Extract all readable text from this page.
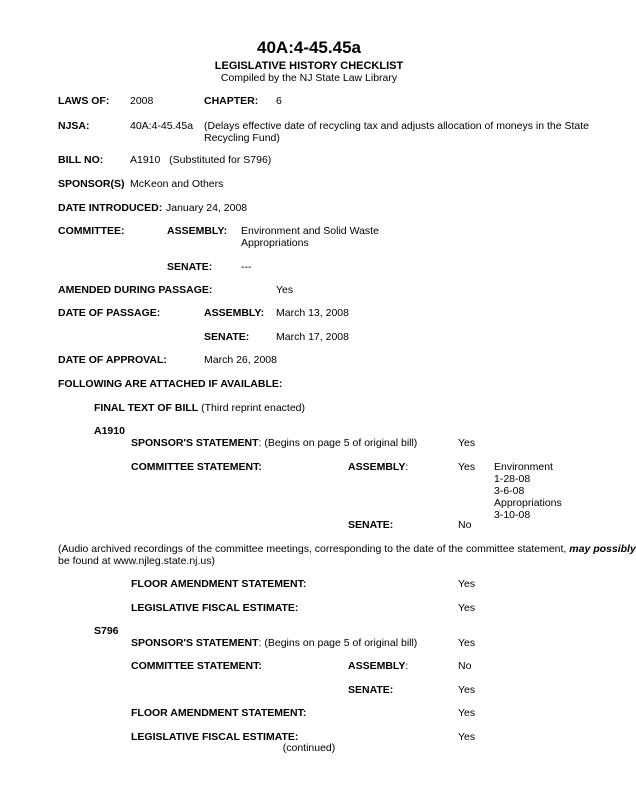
40A:4-45.45a
LEGISLATIVE HISTORY CHECKLIST
Compiled by the NJ State Law Library
LAWS OF: 2008	CHAPTER: 6
NJSA:	40A:4-45.45a (Delays effective date of recycling tax and adjusts allocation of moneys in the State
Recycling Fund)
BILL NO:	A1910 (Substituted for S796)
SPONSOR(S) McKeon and Others
DATE INTRODUCED: January 24, 2008
COMMITTEE:	ASSEMBLY: Environment and Solid Waste
Appropriations
SENATE:	---
AMENDED DURING PASSAGE:	Yes
DATE OF PASSAGE:	ASSEMBLY: March 13, 2008
SENATE:	March 17, 2008
DATE OF APPROVAL:	March 26, 2008
FOLLOWING ARE ATTACHED IF AVAILABLE:
FINAL TEXT OF BILL (Third reprint enacted)
A1910
SPONSOR'S STATEMENT: (Begins on page 5 of original bill)	Yes
COMMITTEE STATEMENT:	ASSEMBLY:	Yes Environment
1-28-08
3-6-08
Appropriations
3-10-08
SENATE:	No
(Audio archived recordings of the committee meetings, corresponding to the date of the committee statement, may possibly
be found at www.njleg.state.nj.us)
FLOOR AMENDMENT STATEMENT:	Yes
LEGISLATIVE FISCAL ESTIMATE:	Yes
S796
SPONSOR'S STATEMENT: (Begins on page 5 of original bill)	Yes
COMMITTEE STATEMENT:	ASSEMBLY:	No
SENATE:	Yes
FLOOR AMENDMENT STATEMENT:	Yes
LEGISLATIVE FISCAL ESTIMATE:	Yes
(continued)
